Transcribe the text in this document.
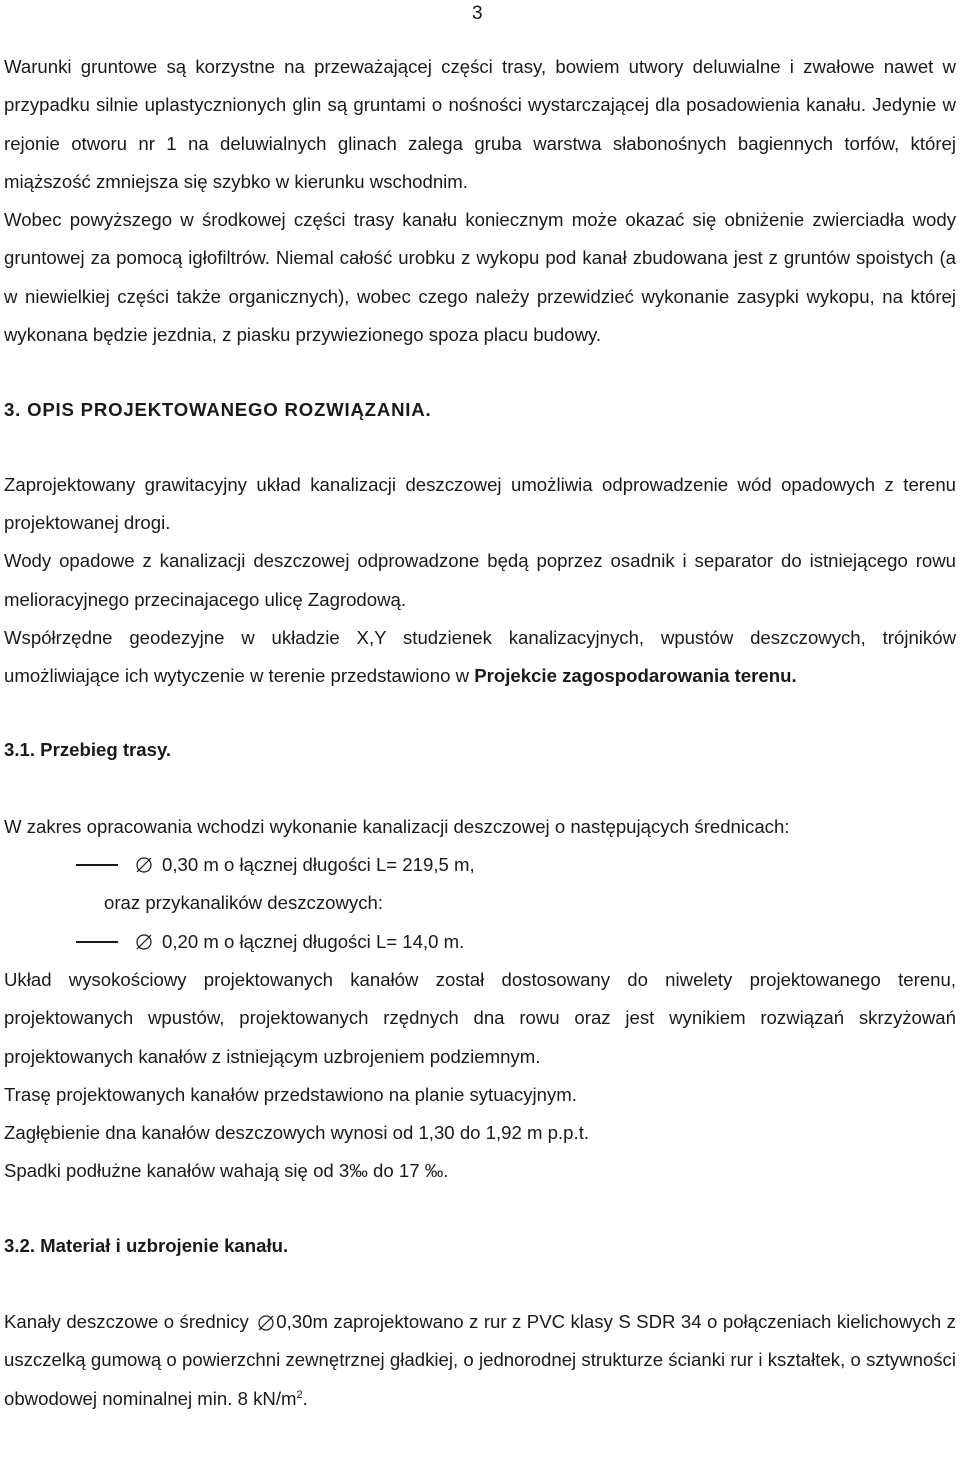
3

Warunki gruntowe są korzystne na przeważającej części trasy, bowiem utwory deluwialne i zwałowe nawet w przypadku silnie uplastycznionych glin są gruntami o nośności wystarczającej dla posadowienia kanału. Jedynie w rejonie otworu nr 1 na deluwialnych glinach zalega gruba warstwa słabonośnych bagiennych torfów, której miąższość zmniejsza się szybko w kierunku wschodnim.

Wobec powyższego w środkowej części trasy kanału koniecznym może okazać się obniżenie zwierciadła wody gruntowej za pomocą igłofiltrów. Niemal całość urobku z wykopu pod kanał zbudowana jest z gruntów spoistych (a w niewielkiej części także organicznych), wobec czego należy przewidzieć wykonanie zasypki wykopu, na której wykonana będzie jezdnia, z piasku przywiezionego spoza placu budowy.

3. OPIS PROJEKTOWANEGO ROZWIĄZANIA.

Zaprojektowany grawitacyjny układ kanalizacji deszczowej umożliwia odprowadzenie wód opadowych z terenu projektowanej drogi.

Wody opadowe z kanalizacji deszczowej odprowadzone będą poprzez osadnik i separator do istniejącego rowu melioracyjnego przecinajacego ulicę Zagrodową.

Współrzędne geodezyjne w układzie X,Y studzienek kanalizacyjnych, wpustów deszczowych, trójników umożliwiające ich wytyczenie w terenie przedstawiono w Projekcie zagospodarowania terenu.

3.1. Przebieg trasy.

W zakres opracowania wchodzi wykonanie kanalizacji deszczowej o następujących średnicach:

0,30 m o łącznej długości L= 219,5 m,
oraz przykanalików deszczowych:
0,20 m o łącznej długości L= 14,0 m.

Układ wysokościowy projektowanych kanałów został dostosowany do niwelety projektowanego terenu, projektowanych wpustów, projektowanych rzędnych dna rowu oraz jest wynikiem rozwiązań skrzyżowań projektowanych kanałów z istniejącym uzbrojeniem podziemnym.

Trasę projektowanych kanałów przedstawiono na planie sytuacyjnym.

Zagłębienie dna kanałów deszczowych wynosi od 1,30 do 1,92 m p.p.t.

Spadki podłużne kanałów wahają się od 3‰ do 17 ‰.

3.2. Materiał i uzbrojenie kanału.

Kanały deszczowe o średnicy 0,30m zaprojektowano z rur z PVC klasy S SDR 34 o połączeniach kielichowych z uszczelką gumową o powierzchni zewnętrznej gładkiej, o jednorodnej strukturze ścianki rur i kształtek, o sztywności obwodowej nominalnej min. 8 $kN/m^2$.
